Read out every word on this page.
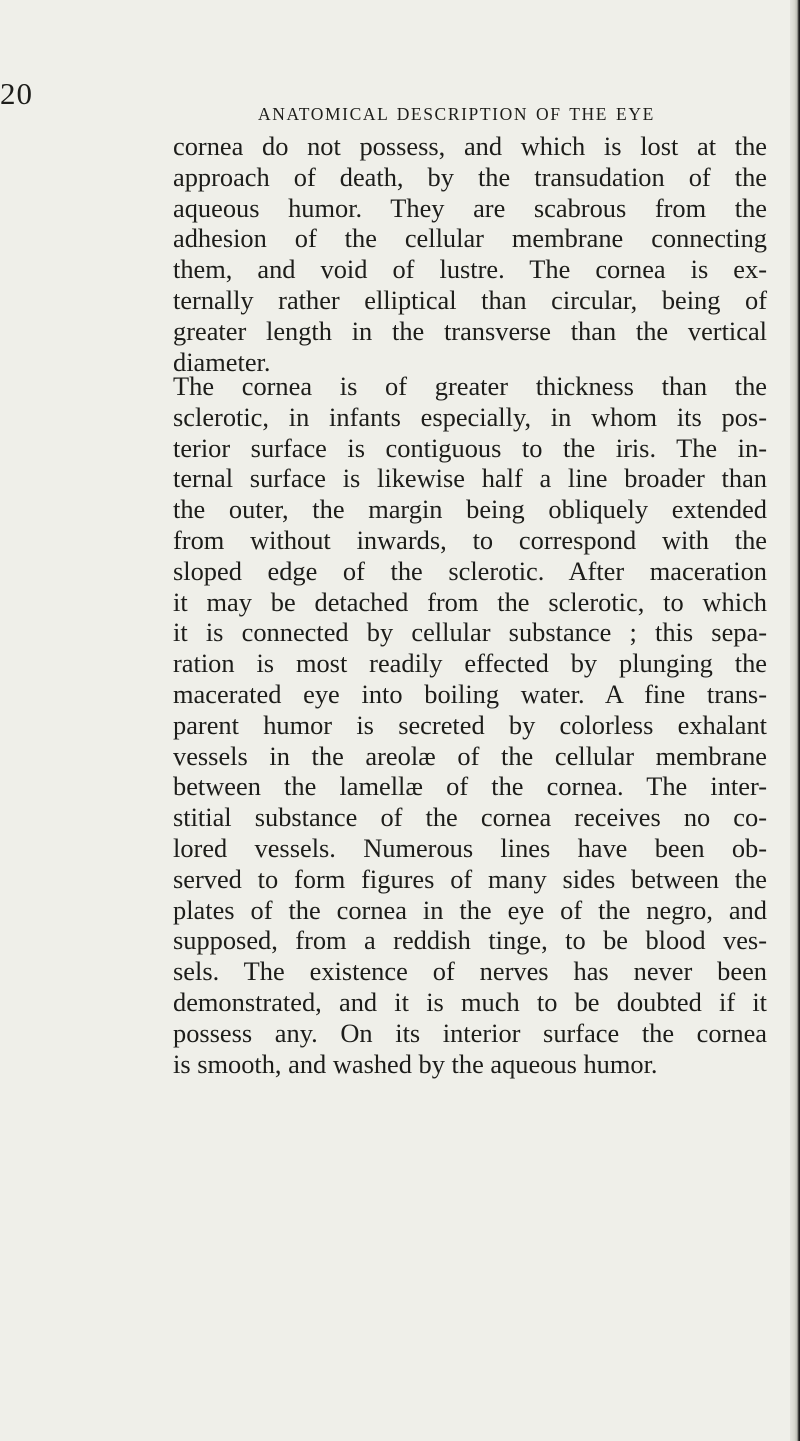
20
ANATOMICAL DESCRIPTION OF THE EYE
cornea do not possess, and which is lost at the
approach of death, by the transudation of the
aqueous humor. They are scabrous from the
adhesion of the cellular membrane connecting
them, and void of lustre. The cornea is ex-
ternally rather elliptical than circular, being of
greater length in the transverse than the vertical
diameter.
The cornea is of greater thickness than the
sclerotic, in infants especially, in whom its pos-
terior surface is contiguous to the iris. The in-
ternal surface is likewise half a line broader than
the outer, the margin being obliquely extended
from without inwards, to correspond with the
sloped edge of the sclerotic. After maceration
it may be detached from the sclerotic, to which
it is connected by cellular substance ; this sepa-
ration is most readily effected by plunging the
macerated eye into boiling water. A fine trans-
parent humor is secreted by colorless exhalant
vessels in the areolæ of the cellular membrane
between the lamellæ of the cornea. The inter-
stitial substance of the cornea receives no co-
lored vessels. Numerous lines have been ob-
served to form figures of many sides between the
plates of the cornea in the eye of the negro, and
supposed, from a reddish tinge, to be blood ves-
sels. The existence of nerves has never been
demonstrated, and it is much to be doubted if it
possess any. On its interior surface the cornea
is smooth, and washed by the aqueous humor.
